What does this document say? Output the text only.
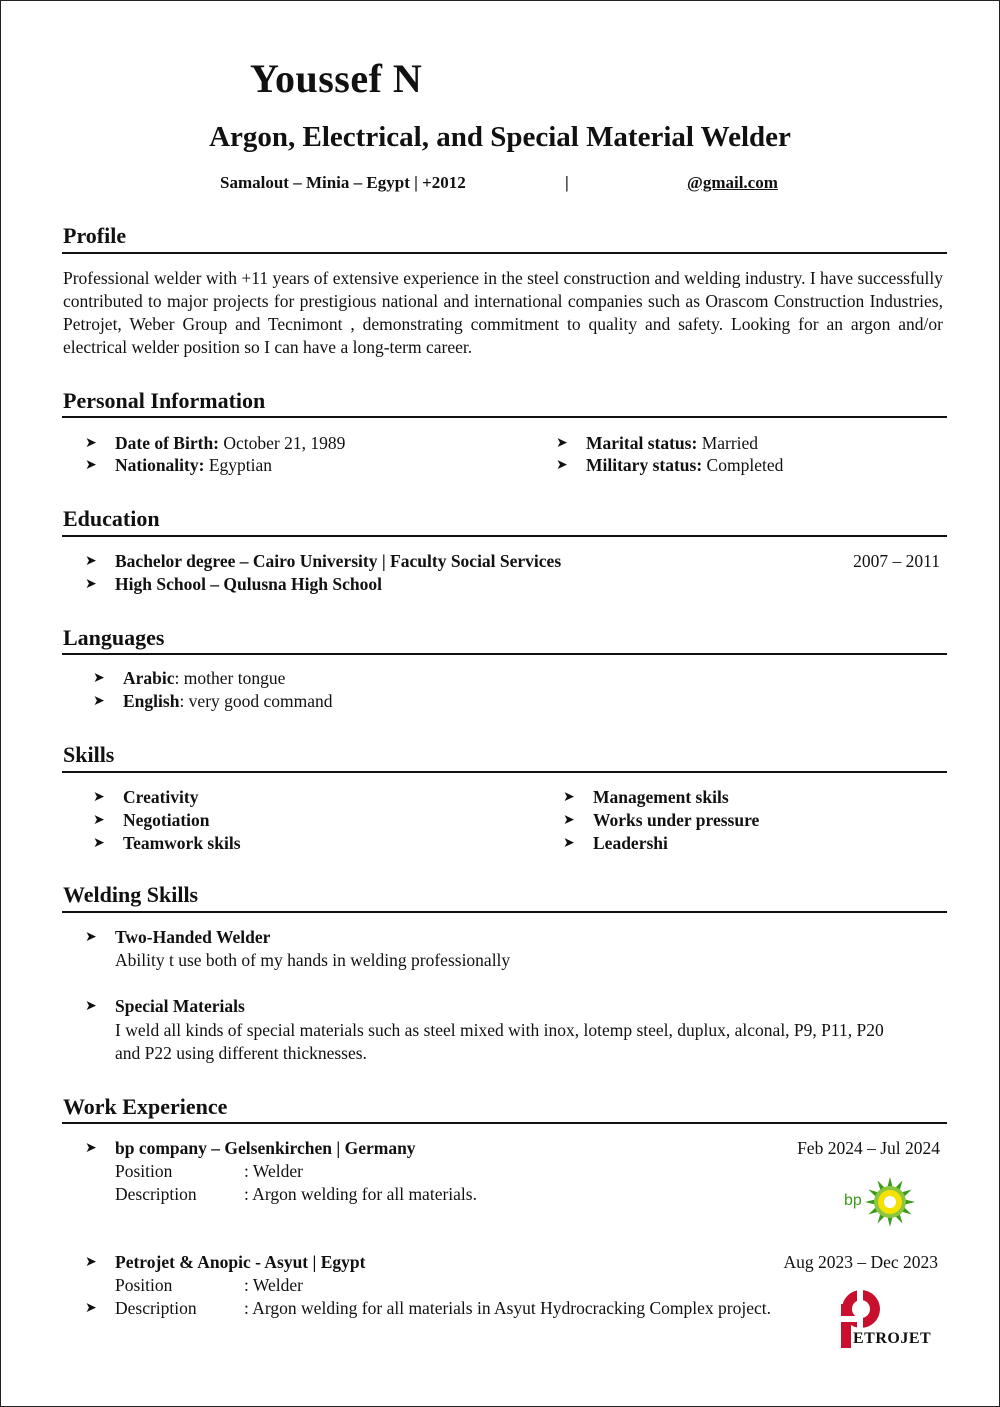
Youssef N
Argon, Electrical, and Special Material Welder
Samalout – Minia – Egypt | +2012	|	@gmail.com
Profile
Professional welder with +11 years of extensive experience in the steel construction and welding industry. I have successfully contributed to major projects for prestigious national and international companies such as Orascom Construction Industries, Petrojet, Weber Group and Tecnimont , demonstrating commitment to quality and safety. Looking for an argon and/or electrical welder position so I can have a long-term career.
Personal Information
➤ Date of Birth: October 21, 1989
➤ Nationality: Egyptian
➤ Marital status: Married
➤ Military status: Completed
Education
➤ Bachelor degree – Cairo University | Faculty Social Services	2007 – 2011
➤ High School – Qulusna High School
Languages
➤ Arabic: mother tongue
➤ English: very good command
Skills
➤ Creativity
➤ Negotiation
➤ Teamwork skils
➤ Management skils
➤ Works under pressure
➤ Leadershi
Welding Skills
➤ Two-Handed Welder
Ability t use both of my hands in welding professionally
➤ Special Materials
I weld all kinds of special materials such as steel mixed with inox, lotemp steel, duplux, alconal, P9, P11, P20
and P22 using different thicknesses.
Work Experience
➤ bp company – Gelsenkirchen | Germany	Feb 2024 – Jul 2024
Position	: Welder
Description	: Argon welding for all materials.	bp
➤ Petrojet & Anopic - Asyut | Egypt	Aug 2023 – Dec 2023
Position	: Welder
➤ Description	: Argon welding for all materials in Asyut Hydrocracking Complex project.
ETROJET
